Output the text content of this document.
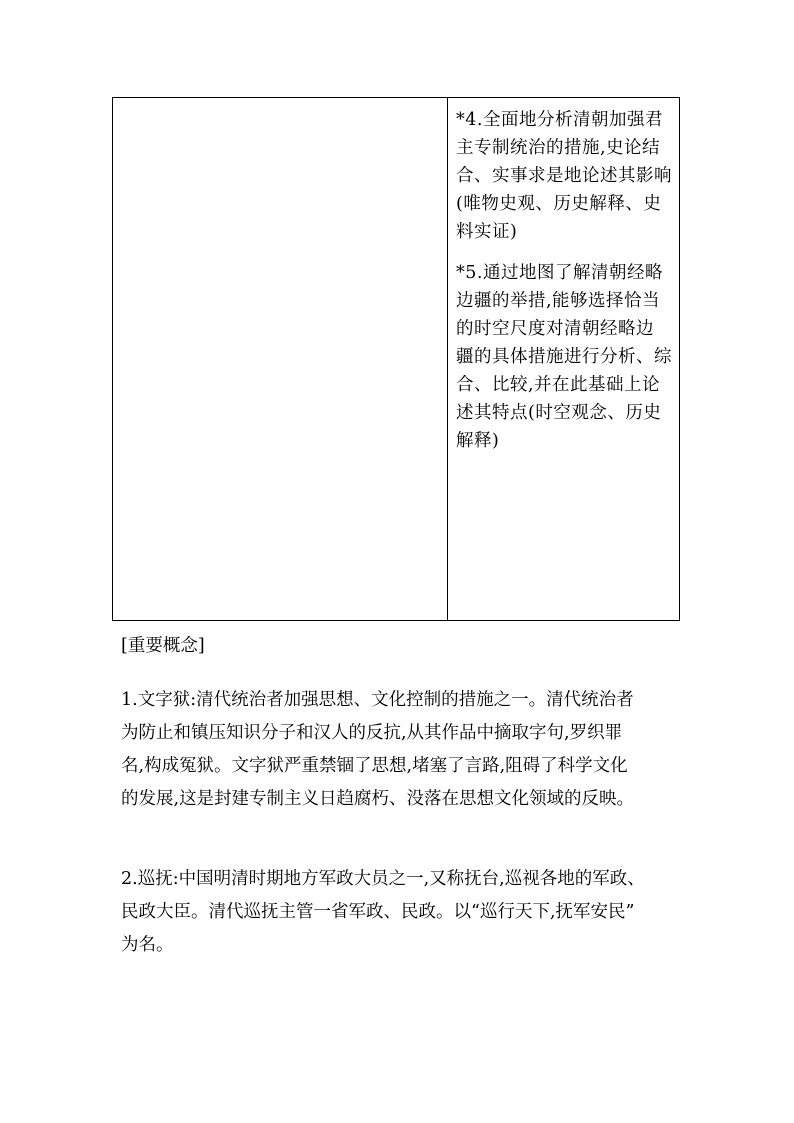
*4.全面地分析清朝加强君
主专制统治的措施,史论结
合、实事求是地论述其影响
(唯物史观、历史解释、史
料实证)

*5.通过地图了解清朝经略
边疆的举措,能够选择恰当
的时空尺度对清朝经略边
疆的具体措施进行分析、综
合、比较,并在此基础上论
述其特点(时空观念、历史
解释)

[重要概念]
1.文字狱:清代统治者加强思想、文化控制的措施之一。清代统治者
为防止和镇压知识分子和汉人的反抗,从其作品中摘取字句,罗织罪
名,构成冤狱。文字狱严重禁锢了思想,堵塞了言路,阻碍了科学文化
的发展,这是封建专制主义日趋腐朽、没落在思想文化领域的反映。
2.巡抚:中国明清时期地方军政大员之一,又称抚台,巡视各地的军政、
民政大臣。清代巡抚主管一省军政、民政。以“巡行天下,抚军安民”
为名。
